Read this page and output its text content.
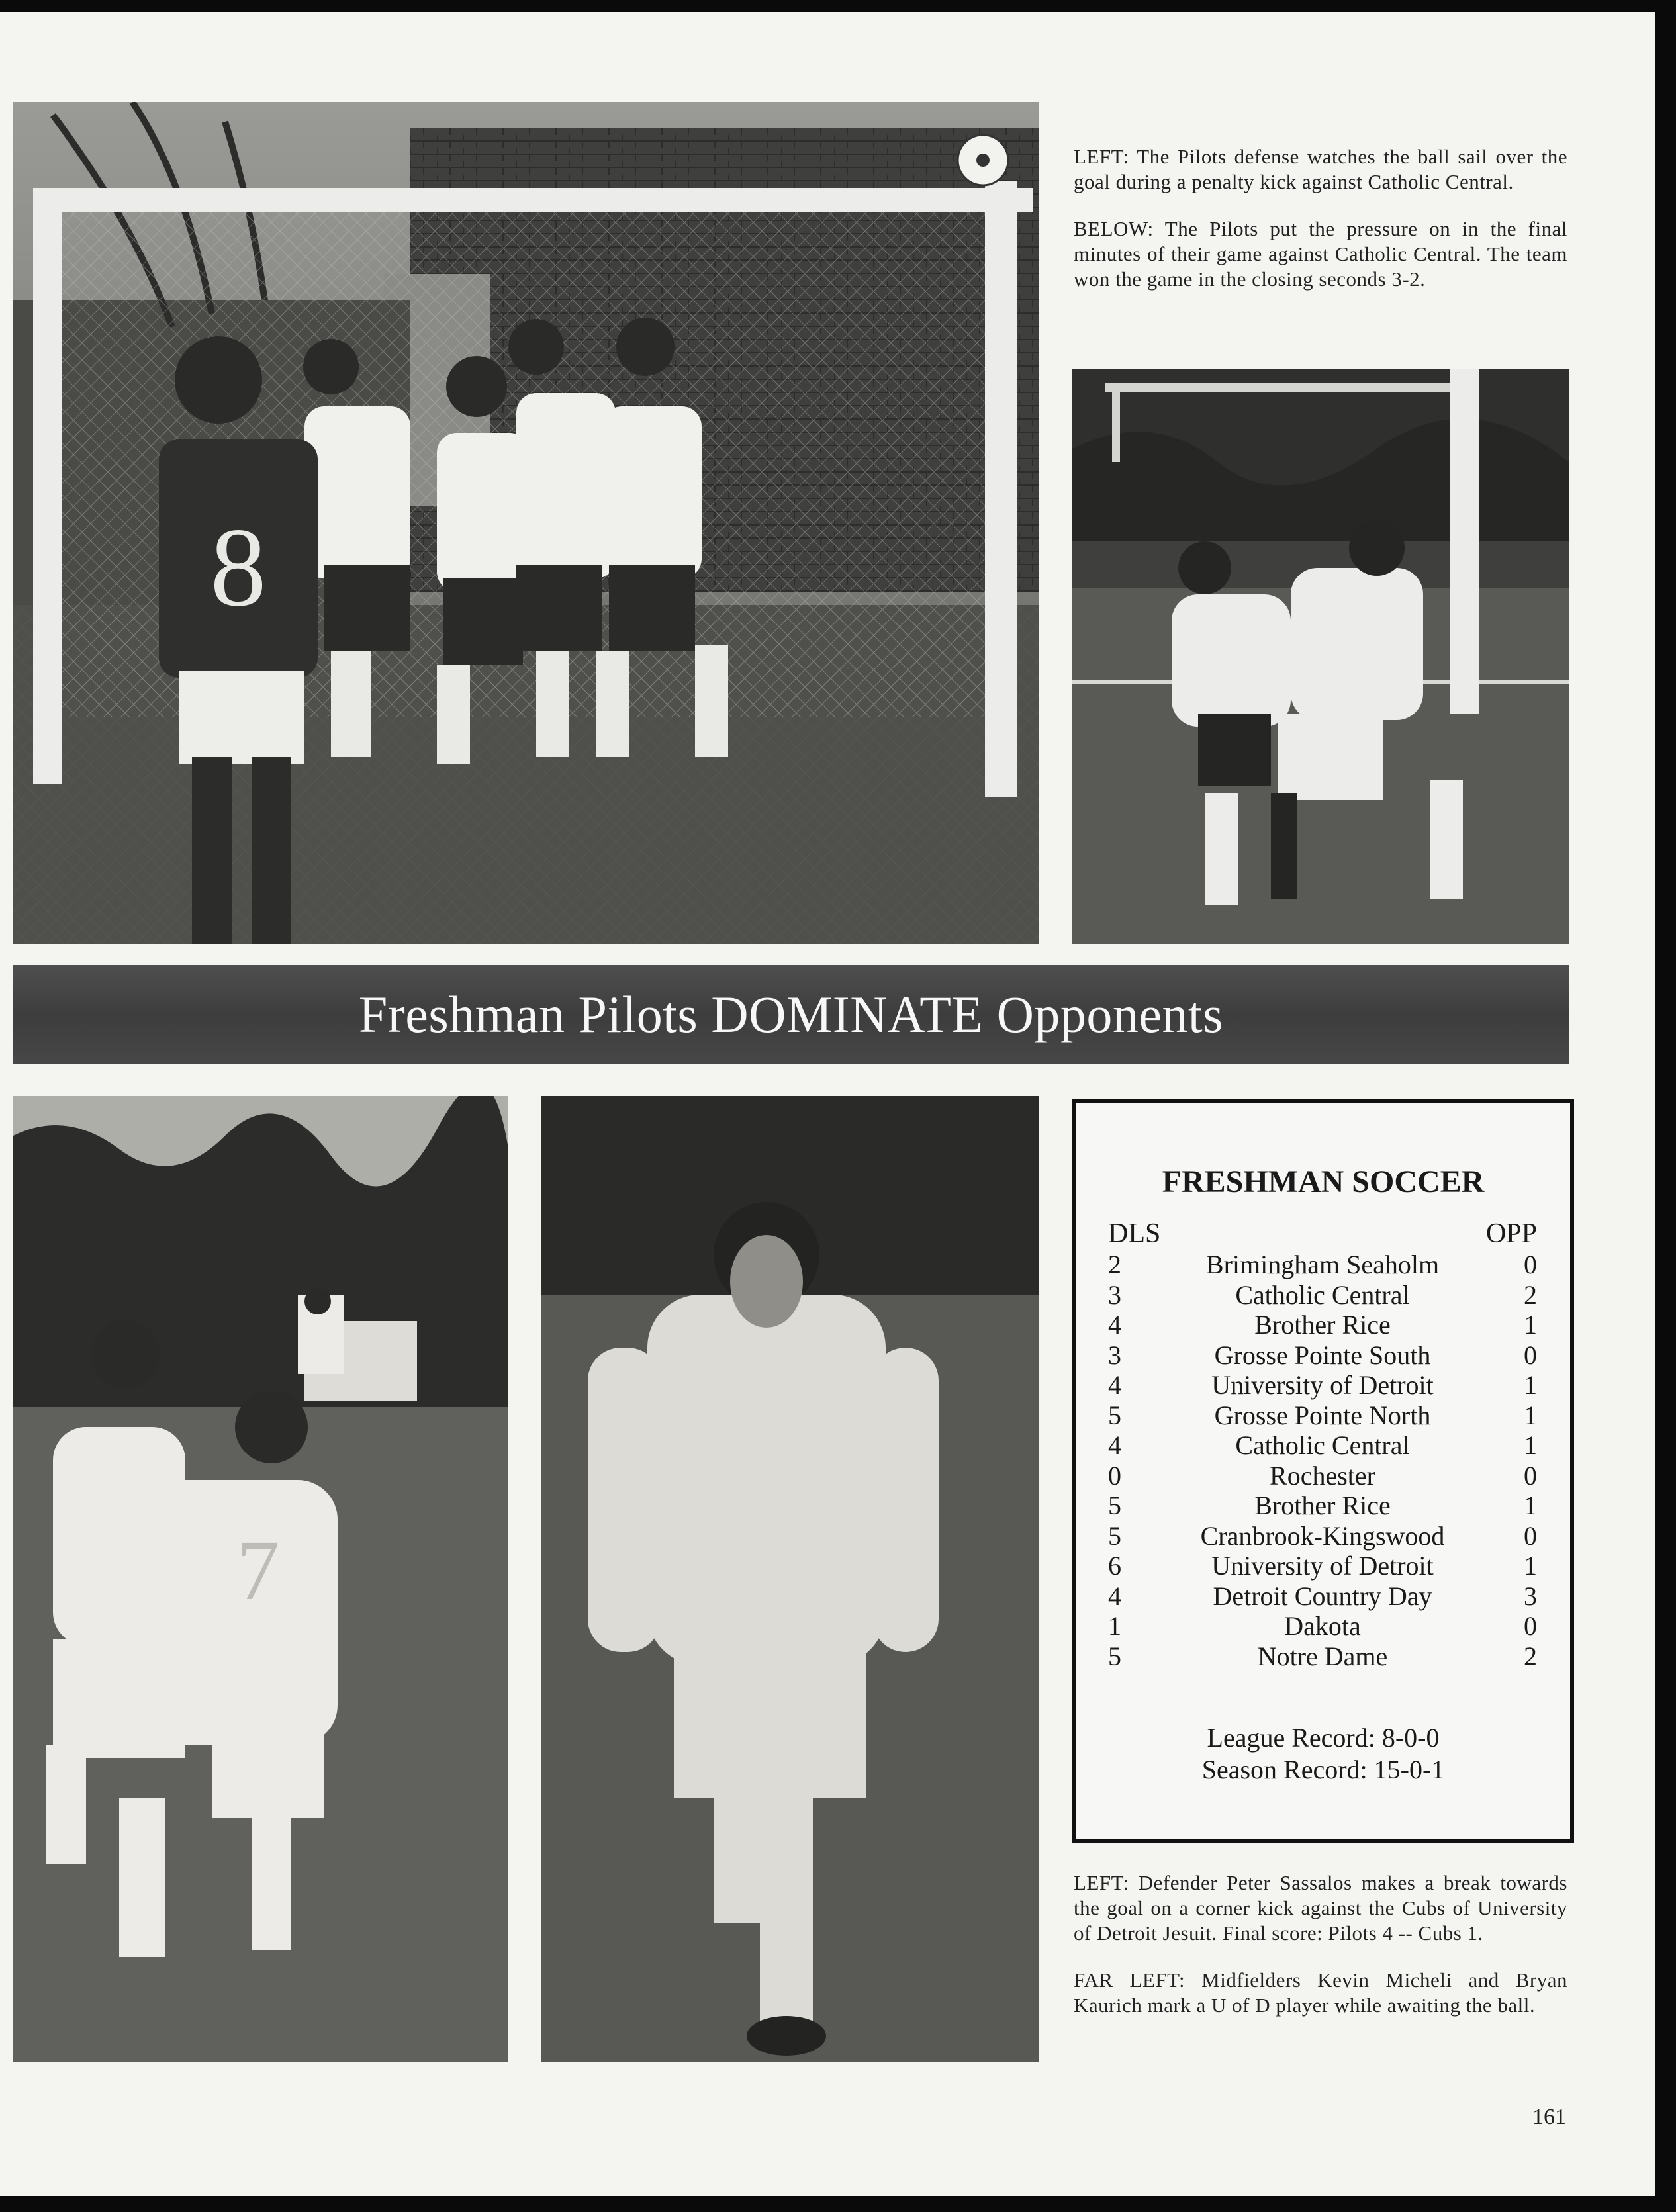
8

LEFT: The Pilots defense watches the ball sail over the goal during a penalty kick against Catholic Central.

BELOW: The Pilots put the pressure on in the final minutes of their game against Catholic Central. The team won the game in the closing seconds 3-2.

Freshman Pilots DOMINATE Opponents
7
FRESHMAN SOCCER
DLS	OPP
2	Brimingham Seaholm	0
3	Catholic Central	2
4	Brother Rice	1
3	Grosse Pointe South	0
4	University of Detroit	1
5	Grosse Pointe North	1
4	Catholic Central	1
0	Rochester	0
5	Brother Rice	1
5	Cranbrook-Kingswood	0
6	University of Detroit	1
4	Detroit Country Day	3
1	Dakota	0
5	Notre Dame	2
League Record: 8-0-0
Season Record: 15-0-1

LEFT: Defender Peter Sassalos makes a break towards the goal on a corner kick against the Cubs of University of Detroit Jesuit. Final score: Pilots 4 -- Cubs 1.

FAR LEFT: Midfielders Kevin Micheli and Bryan Kaurich mark a U of D player while awaiting the ball.

161
